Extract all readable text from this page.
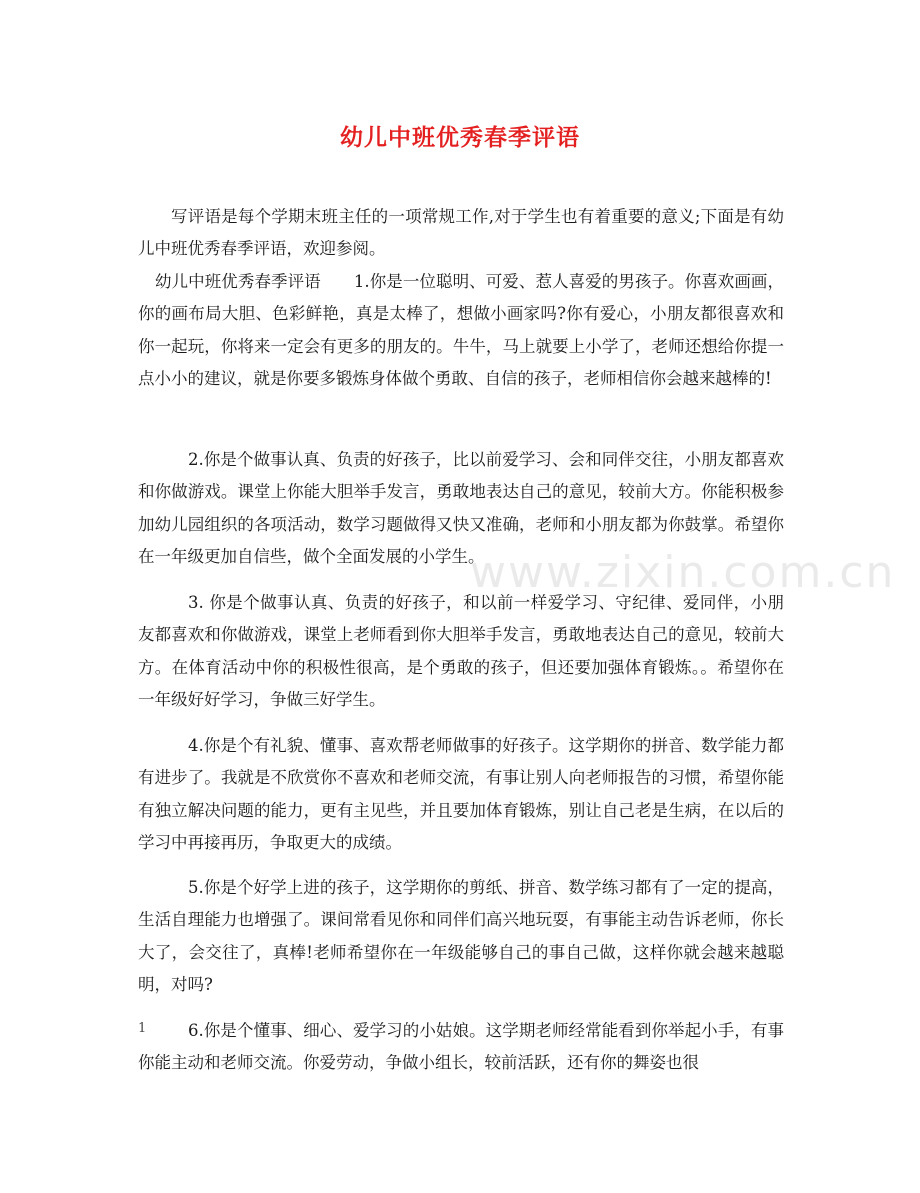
幼儿中班优秀春季评语

写评语是每个学期末班主任的一项常规工作,对于学生也有着重要的意义;下面是有幼儿中班优秀春季评语，欢迎参阅。

幼儿中班优秀春季评语　　1.你是一位聪明、可爱、惹人喜爱的男孩子。你喜欢画画，你的画布局大胆、色彩鲜艳，真是太棒了，想做小画家吗?你有爱心，小朋友都很喜欢和你一起玩，你将来一定会有更多的朋友的。牛牛，马上就要上小学了，老师还想给你提一点小小的建议，就是你要多锻炼身体做个勇敢、自信的孩子，老师相信你会越来越棒的!

2.你是个做事认真、负责的好孩子，比以前爱学习、会和同伴交往，小朋友都喜欢和你做游戏。课堂上你能大胆举手发言，勇敢地表达自己的意见，较前大方。你能积极参加幼儿园组织的各项活动，数学习题做得又快又准确，老师和小朋友都为你鼓掌。希望你在一年级更加自信些，做个全面发展的小学生。

3. 你是个做事认真、负责的好孩子，和以前一样爱学习、守纪律、爱同伴，小朋友都喜欢和你做游戏，课堂上老师看到你大胆举手发言，勇敢地表达自己的意见，较前大方。在体育活动中你的积极性很高，是个勇敢的孩子，但还要加强体育锻炼。。希望你在一年级好好学习，争做三好学生。

4.你是个有礼貌、懂事、喜欢帮老师做事的好孩子。这学期你的拼音、数学能力都有进步了。我就是不欣赏你不喜欢和老师交流，有事让别人向老师报告的习惯，希望你能有独立解决问题的能力，更有主见些，并且要加体育锻炼，别让自己老是生病，在以后的学习中再接再历，争取更大的成绩。

5.你是个好学上进的孩子，这学期你的剪纸、拼音、数学练习都有了一定的提高，生活自理能力也增强了。课间常看见你和同伴们高兴地玩耍，有事能主动告诉老师，你长大了，会交往了，真棒!老师希望你在一年级能够自己的事自己做，这样你就会越来越聪明，对吗?

6.你是个懂事、细心、爱学习的小姑娘。这学期老师经常能看到你举起小手，有事你能主动和老师交流。你爱劳动，争做小组长，较前活跃，还有你的舞姿也很

www.zixin.com.cn
1
